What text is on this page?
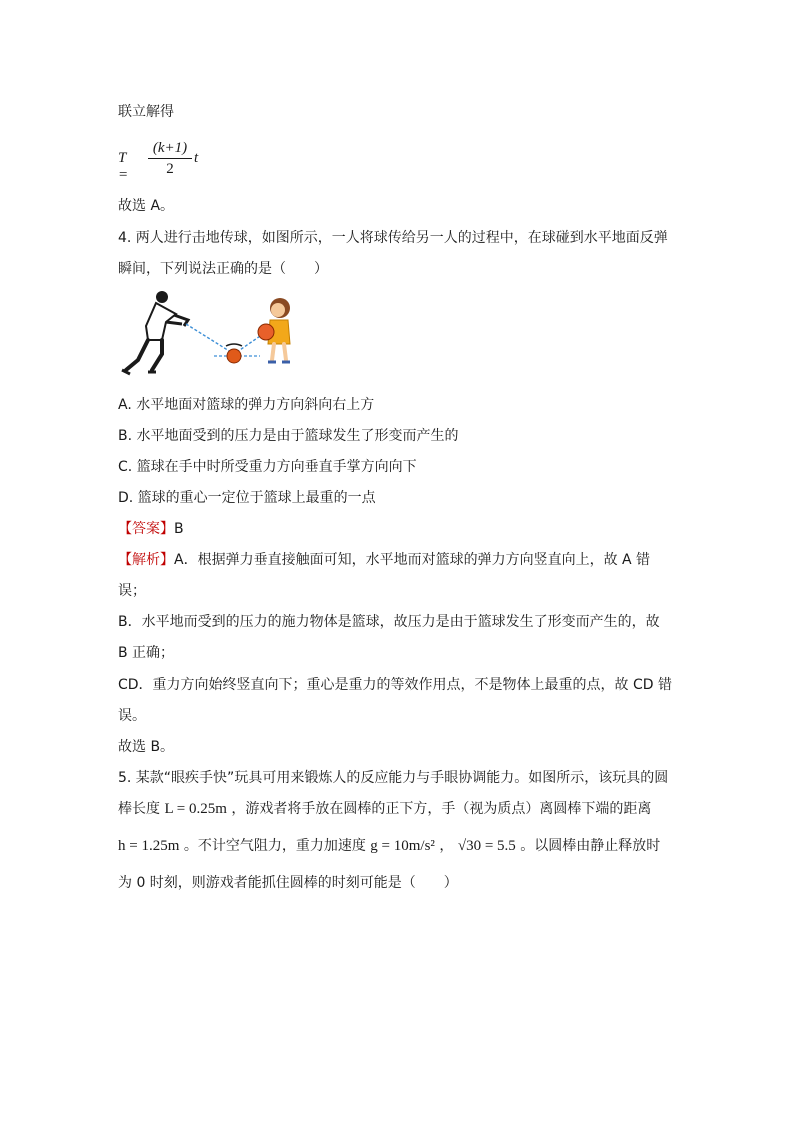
联立解得
T =
(k+1)
2
t
故选 A。
4. 两人进行击地传球，如图所示，一人将球传给另一人的过程中，在球碰到水平地面反弹
瞬间，下列说法正确的是（　　）
A. 水平地面对篮球的弹力方向斜向右上方
B. 水平地面受到的压力是由于篮球发生了形变而产生的
C. 篮球在手中时所受重力方向垂直手掌方向向下
D. 篮球的重心一定位于篮球上最重的一点
【答案】B
【解析】A．根据弹力垂直接触面可知，水平地而对篮球的弹力方向竖直向上，故 A 错
误；
B．水平地而受到的压力的施力物体是篮球，故压力是由于篮球发生了形变而产生的，故
B 正确；
CD．重力方向始终竖直向下；重心是重力的等效作用点，不是物体上最重的点，故 CD 错
误。
故选 B。
5. 某款“眼疾手快”玩具可用来锻炼人的反应能力与手眼协调能力。如图所示，该玩具的圆
棒长度 L = 0.25m ，游戏者将手放在圆棒的正下方，手（视为质点）离圆棒下端的距离
h = 1.25m 。不计空气阻力，重力加速度 g = 10m/s² ， √30 = 5.5 。以圆棒由静止释放时
为 0 时刻，则游戏者能抓住圆棒的时刻可能是（　　）
